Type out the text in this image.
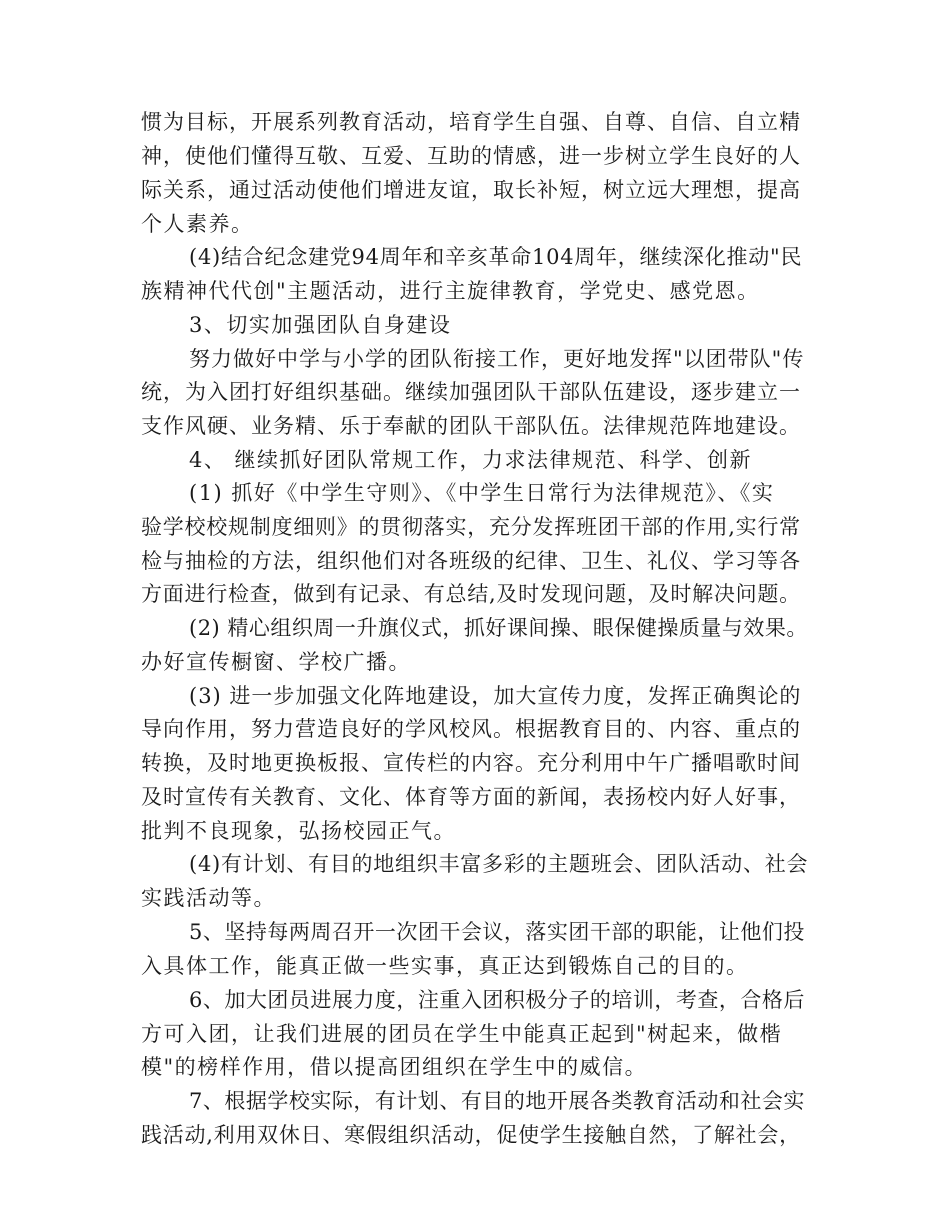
惯为目标，开展系列教育活动，培育学生自强、自尊、自信、自立精
神，使他们懂得互敬、互爱、互助的情感，进一步树立学生良好的人
际关系，通过活动使他们增进友谊，取长补短，树立远大理想，提高
个人素养。
(4)结合纪念建党94周年和辛亥革命104周年，继续深化推动"民
族精神代代创"主题活动，进行主旋律教育，学党史、感党恩。
3、切实加强团队自身建设
努力做好中学与小学的团队衔接工作，更好地发挥"以团带队"传
统，为入团打好组织基础。继续加强团队干部队伍建设，逐步建立一
支作风硬、业务精、乐于奉献的团队干部队伍。法律规范阵地建设。
4、 继续抓好团队常规工作，力求法律规范、科学、创新
(1) 抓好《中学生守则》、《中学生日常行为法律规范》、《实
验学校校规制度细则》的贯彻落实，充分发挥班团干部的作用,实行常
检与抽检的方法，组织他们对各班级的纪律、卫生、礼仪、学习等各
方面进行检查，做到有记录、有总结,及时发现问题，及时解决问题。
(2) 精心组织周一升旗仪式，抓好课间操、眼保健操质量与效果。
办好宣传橱窗、学校广播。
(3) 进一步加强文化阵地建设，加大宣传力度，发挥正确舆论的
导向作用，努力营造良好的学风校风。根据教育目的、内容、重点的
转换，及时地更换板报、宣传栏的内容。充分利用中午广播唱歌时间
及时宣传有关教育、文化、体育等方面的新闻，表扬校内好人好事，
批判不良现象，弘扬校园正气。
(4)有计划、有目的地组织丰富多彩的主题班会、团队活动、社会
实践活动等。
5、坚持每两周召开一次团干会议，落实团干部的职能，让他们投
入具体工作，能真正做一些实事，真正达到锻炼自己的目的。
6、加大团员进展力度，注重入团积极分子的培训，考查，合格后
方可入团，让我们进展的团员在学生中能真正起到"树起来，做楷
模"的榜样作用，借以提高团组织在学生中的威信。
7、根据学校实际，有计划、有目的地开展各类教育活动和社会实
践活动,利用双休日、寒假组织活动，促使学生接触自然，了解社会，
